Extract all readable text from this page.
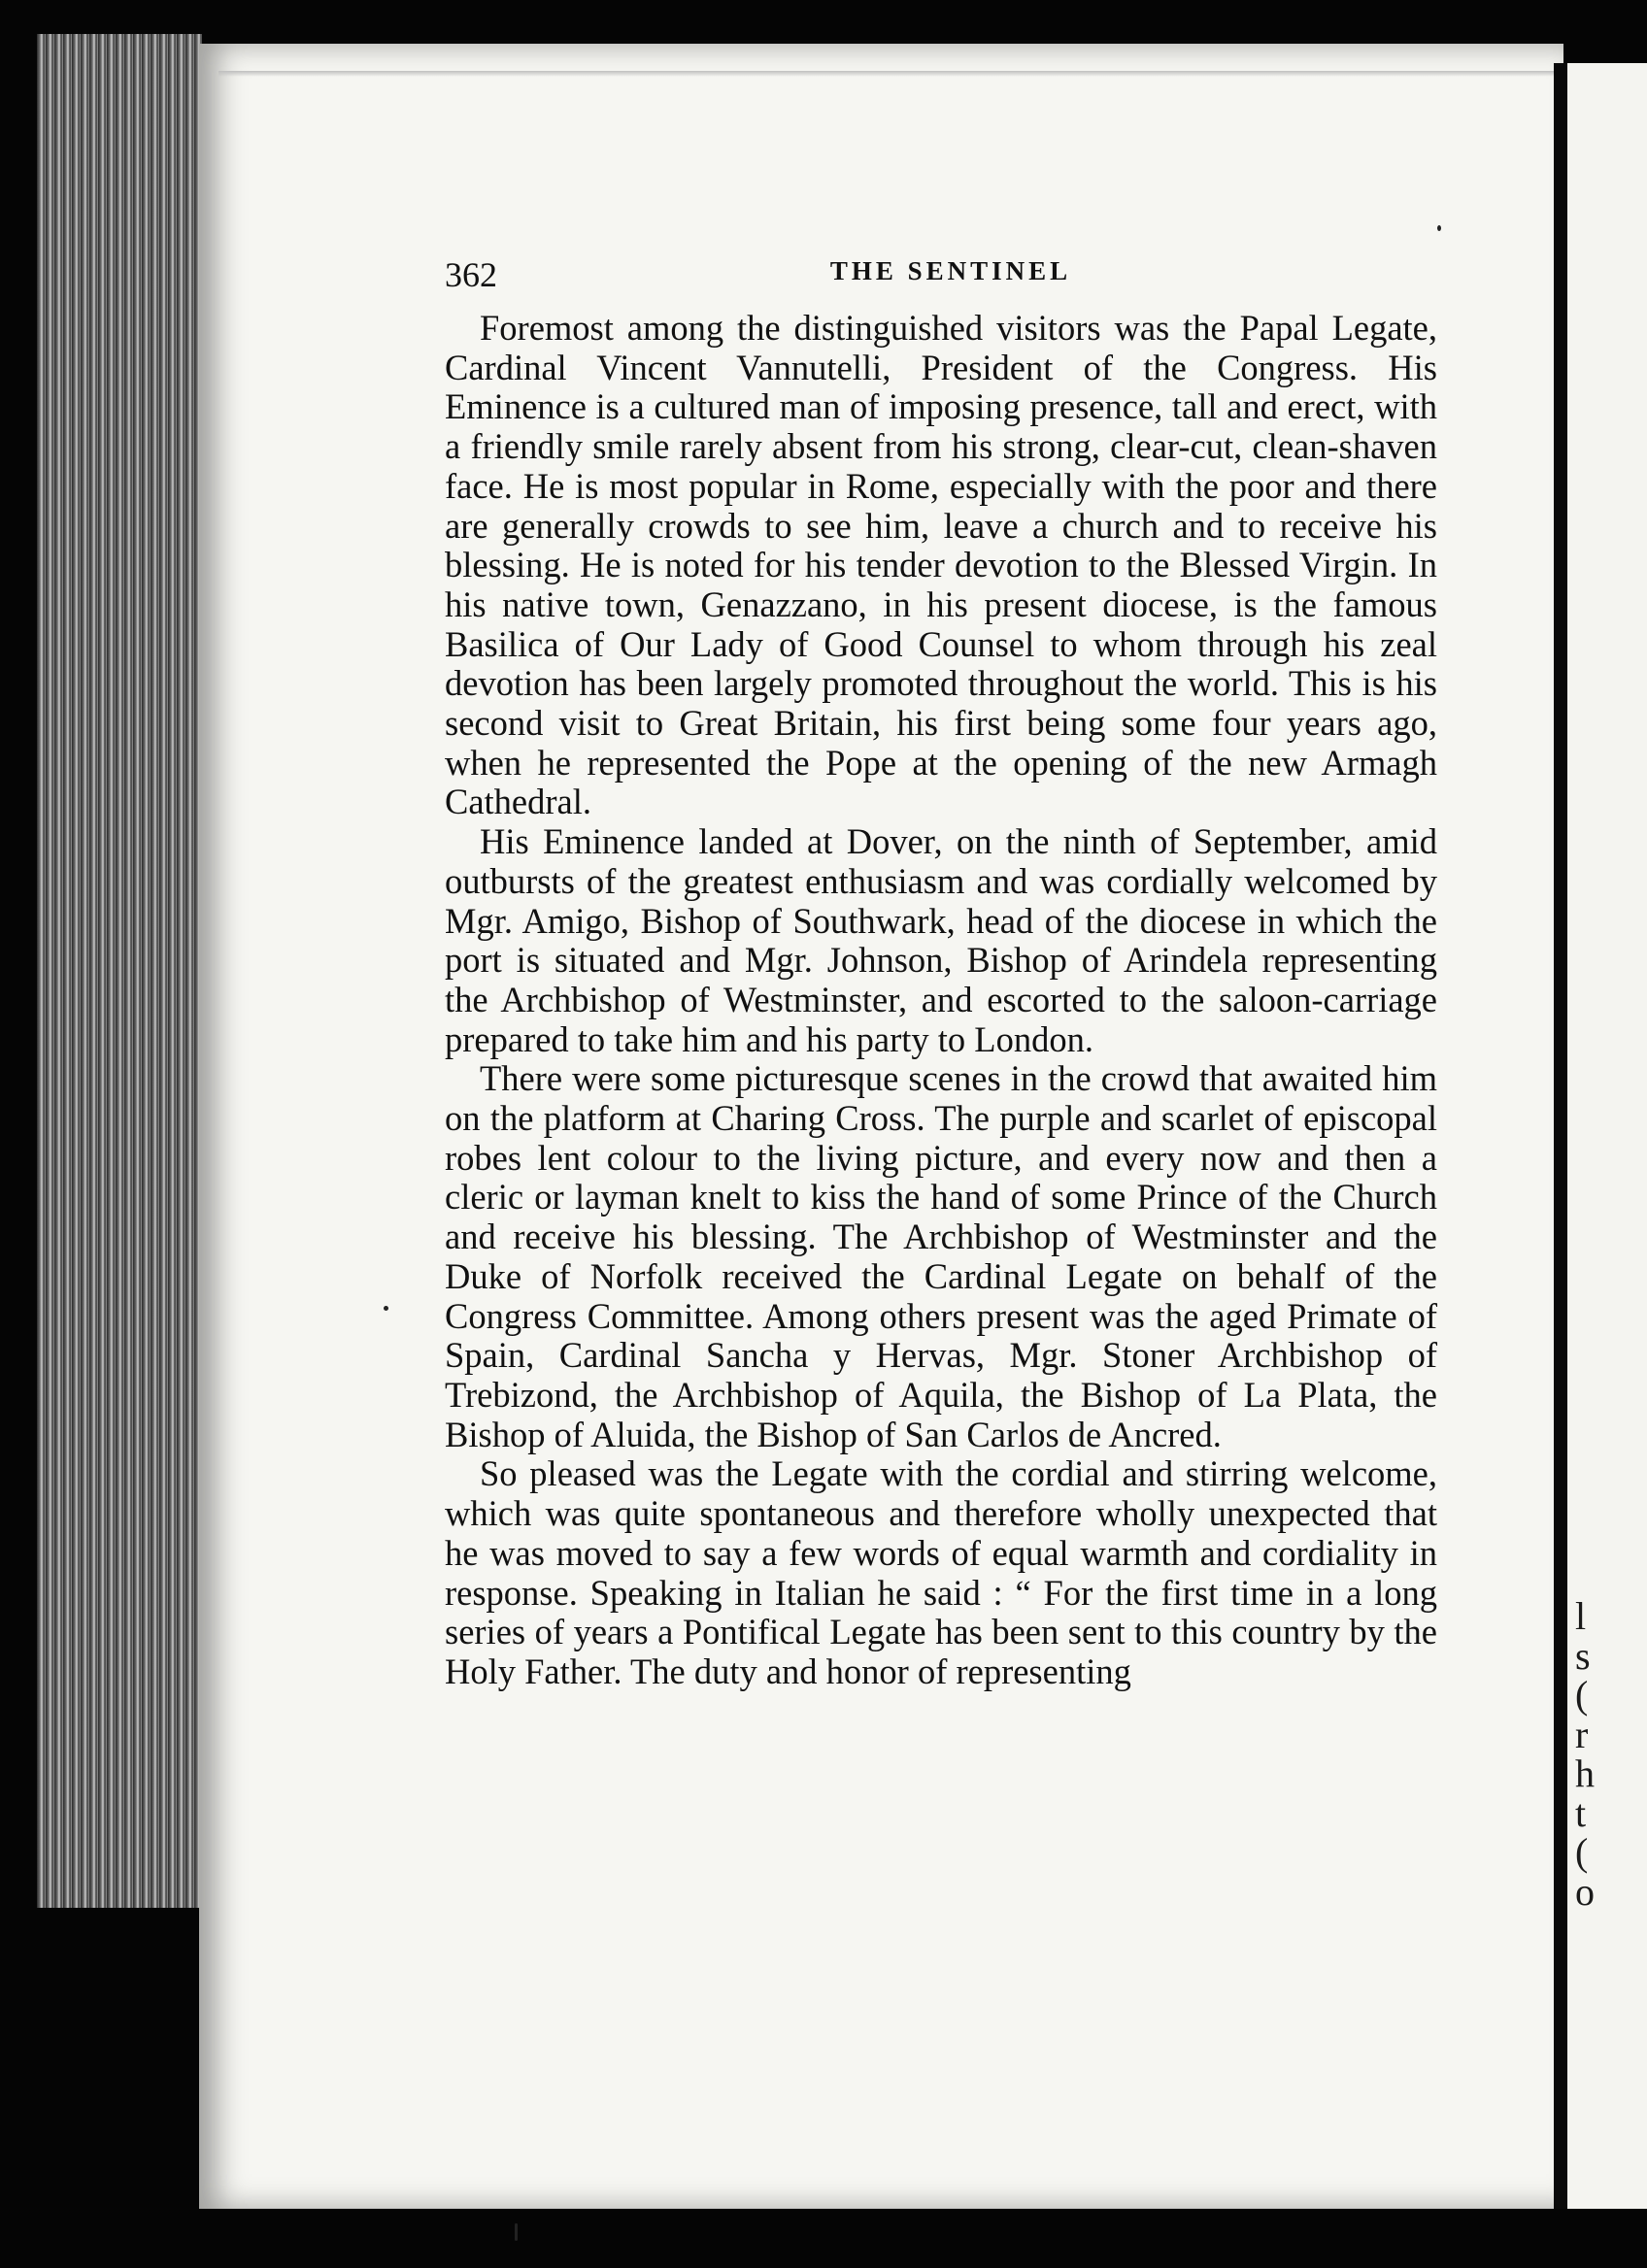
l
s
(
r
h
t
(
o
362	THE SENTINEL

Foremost among the distinguished visitors was the Papal Legate, Cardinal Vincent Vannutelli, President of the Congress. His Eminence is a cultured man of imposing presence, tall and erect, with a friendly smile rarely absent from his strong, clear-cut, clean-shaven face. He is most popular in Rome, especially with the poor and there are generally crowds to see him, leave a church and to receive his blessing. He is noted for his tender devotion to the Blessed Virgin. In his native town, Genazzano, in his present diocese, is the famous Basilica of Our Lady of Good Counsel to whom through his zeal devotion has been largely promoted throughout the world. This is his second visit to Great Britain, his first being some four years ago, when he represented the Pope at the opening of the new Armagh Cathedral.

His Eminence landed at Dover, on the ninth of September, amid outbursts of the greatest enthusiasm and was cordially welcomed by Mgr. Amigo, Bishop of Southwark, head of the diocese in which the port is situated and Mgr. Johnson, Bishop of Arindela representing the Archbishop of Westminster, and escorted to the saloon-carriage prepared to take him and his party to London.

There were some picturesque scenes in the crowd that awaited him on the platform at Charing Cross. The purple and scarlet of episcopal robes lent colour to the living picture, and every now and then a cleric or layman knelt to kiss the hand of some Prince of the Church and receive his blessing. The Archbishop of Westminster and the Duke of Norfolk received the Cardinal Legate on behalf of the Congress Committee. Among others present was the aged Primate of Spain, Cardinal Sancha y Hervas, Mgr. Stoner Archbishop of Trebizond, the Archbishop of Aquila, the Bishop of La Plata, the Bishop of Aluida, the Bishop of San Carlos de Ancred.

So pleased was the Legate with the cordial and stirring welcome, which was quite spontaneous and therefore wholly unexpected that he was moved to say a few words of equal warmth and cordiality in response. Speaking in Italian he said : “ For the first time in a long series of years a Pontifical Legate has been sent to this country by the Holy Father. The duty and honor of representing
